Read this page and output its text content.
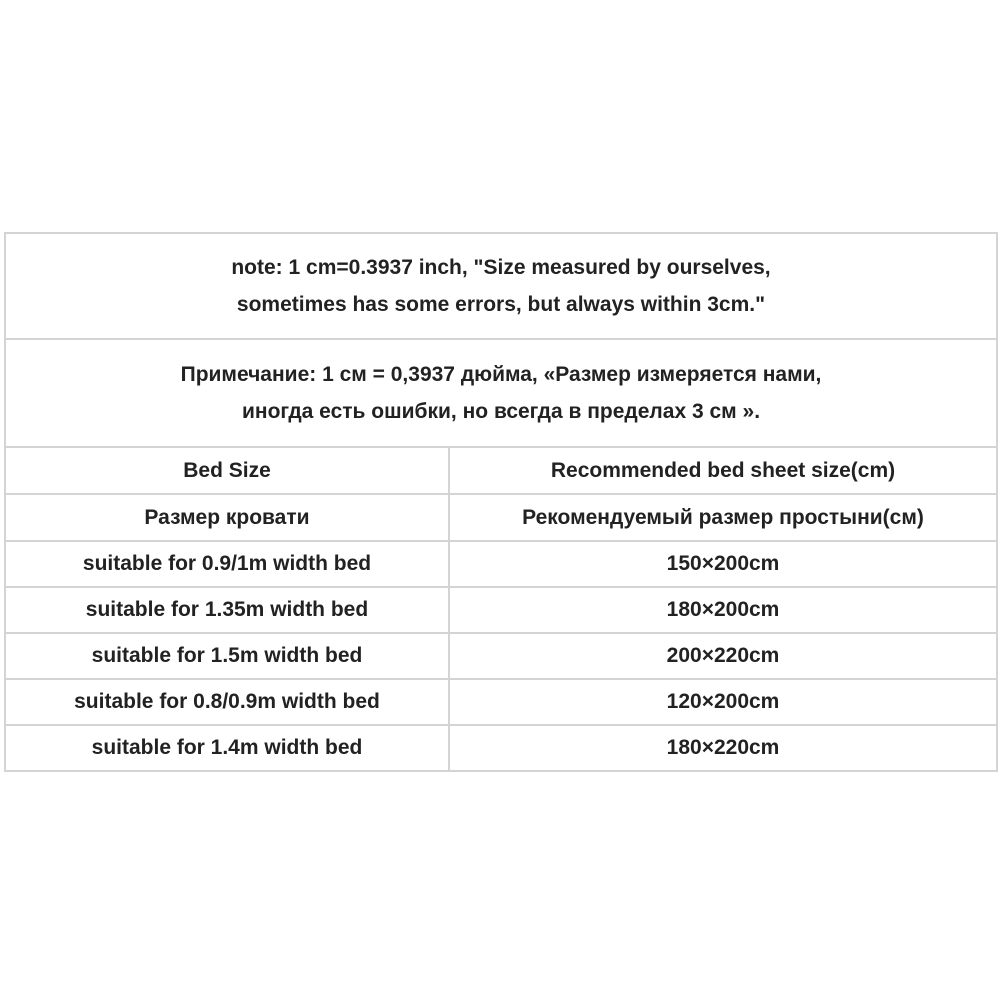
note: 1 cm=0.3937 inch, "Size measured by ourselves,
sometimes has some errors, but always within 3cm."	

Примечание: 1 см = 0,3937 дюйма, «Размер измеряется нами,
иногда есть ошибки, но всегда в пределах 3 см ».	

Bed Size	Recommended bed sheet size(cm)
Размер кровати	Рекомендуемый размер простыни(см)
suitable for 0.9/1m width bed	150×200cm
suitable for 1.35m width bed	180×200cm
suitable for 1.5m width bed	200×220cm
suitable for 0.8/0.9m width bed	120×200cm
suitable for 1.4m width bed	180×220cm
